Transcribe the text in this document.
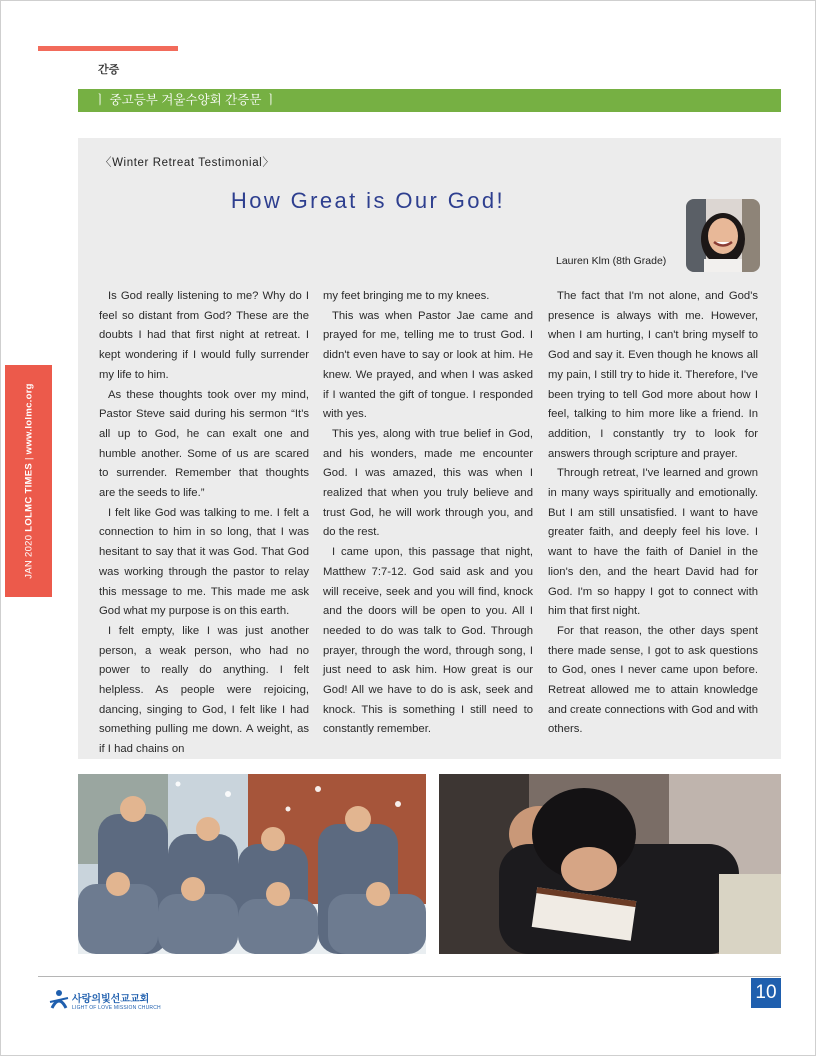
간증
ㅣ 중고등부 겨울수양회 간증문 ㅣ
JAN 2020 LOLMC TIMES | www.lolmc.org
〈Winter Retreat Testimonial〉
How Great is Our God!
Lauren Klm (8th Grade)

Is God really listening to me? Why do I feel so distant from God? These are the doubts I had that first night at retreat. I kept wondering if I would fully surrender my life to him.

As these thoughts took over my mind, Pastor Steve said during his sermon “It's all up to God, he can exalt one and humble another. Some of us are scared to surrender. Remember that thoughts are the seeds to life.”

I felt like God was talking to me. I felt a connection to him in so long, that I was hesitant to say that it was God. That God was working through the pastor to relay this message to me. This made me ask God what my purpose is on this earth.

I felt empty, like I was just another person, a weak person, who had no power to really do anything. I felt helpless. As people were rejoicing, dancing, singing to God, I felt like I had something pulling me down. A weight, as if I had chains on

my feet bringing me to my knees.

This was when Pastor Jae came and prayed for me, telling me to trust God. I didn't even have to say or look at him. He knew. We prayed, and when I was asked if I wanted the gift of tongue. I responded with yes.

This yes, along with true belief in God, and his wonders, made me encounter God. I was amazed, this was when I realized that when you truly believe and trust God, he will work through you, and do the rest.

I came upon, this passage that night, Matthew 7:7-12. God said ask and you will receive, seek and you will find, knock and the doors will be open to you. All I needed to do was talk to God. Through prayer, through the word, through song, I just need to ask him. How great is our God! All we have to do is ask, seek and knock. This is something I still need to constantly remember.

The fact that I'm not alone, and God's presence is always with me. However, when I am hurting, I can't bring myself to God and say it. Even though he knows all my pain, I still try to hide it. Therefore, I've been trying to tell God more about how I feel, talking to him more like a friend. In addition, I constantly try to look for answers through scripture and prayer.

Through retreat, I've learned and grown in many ways spiritually and emotionally. But I am still unsatisfied. I want to have greater faith, and deeply feel his love. I want to have the faith of Daniel in the lion's den, and the heart David had for God. I'm so happy I got to connect with him that first night.

For that reason, the other days spent there made sense, I got to ask questions to God, ones I never came upon before. Retreat allowed me to attain knowledge and create connections with God and with others.

사랑의빛선교교회
LIGHT OF LOVE MISSION CHURCH
10
